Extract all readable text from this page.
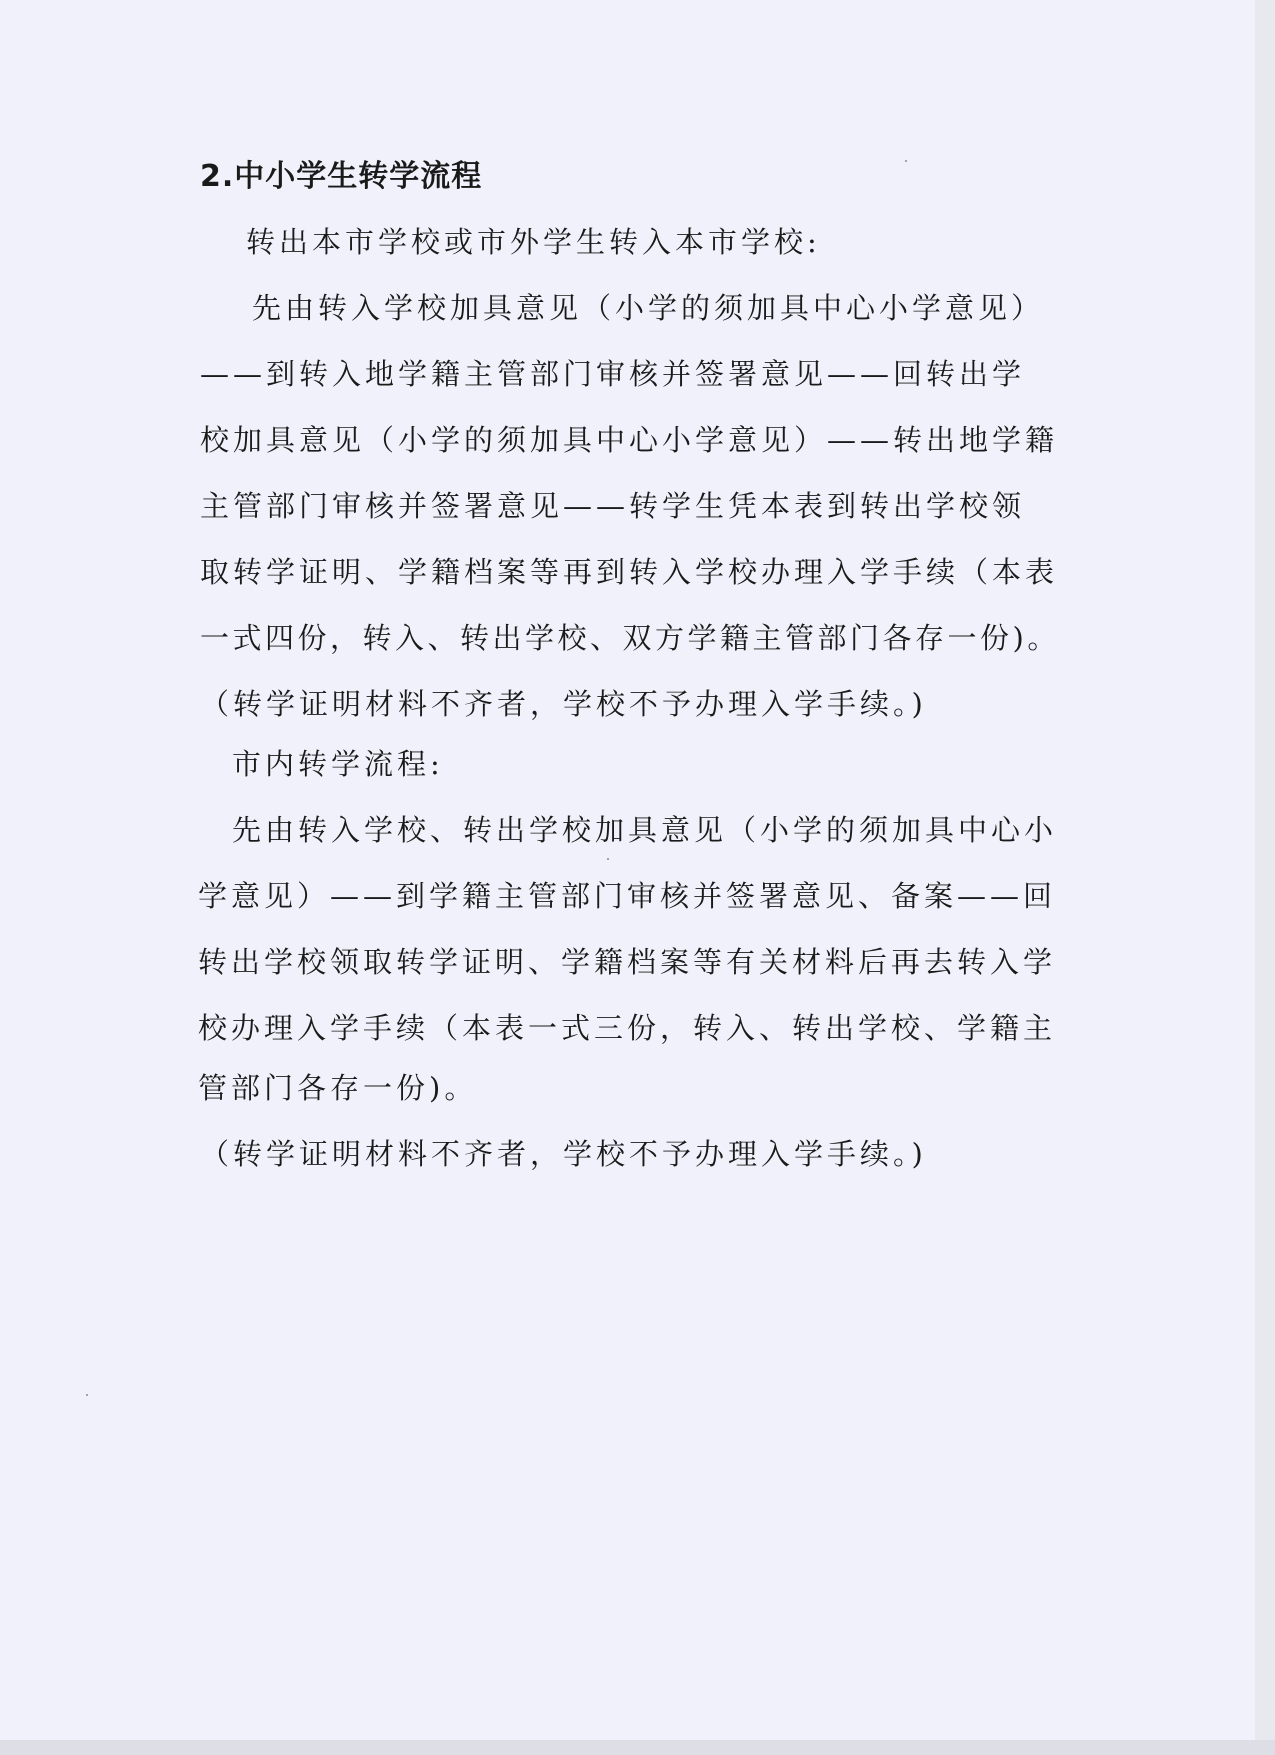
2.中小学生转学流程
转出本市学校或市外学生转入本市学校:
先由转入学校加具意见（小学的须加具中心小学意见）
——到转入地学籍主管部门审核并签署意见——回转出学
校加具意见（小学的须加具中心小学意见）——转出地学籍
主管部门审核并签署意见——转学生凭本表到转出学校领
取转学证明、学籍档案等再到转入学校办理入学手续（本表
一式四份，转入、转出学校、双方学籍主管部门各存一份)。
（转学证明材料不齐者，学校不予办理入学手续。)
市内转学流程:
先由转入学校、转出学校加具意见（小学的须加具中心小
学意见）——到学籍主管部门审核并签署意见、备案——回
转出学校领取转学证明、学籍档案等有关材料后再去转入学
校办理入学手续（本表一式三份，转入、转出学校、学籍主
管部门各存一份)。
（转学证明材料不齐者，学校不予办理入学手续。)
